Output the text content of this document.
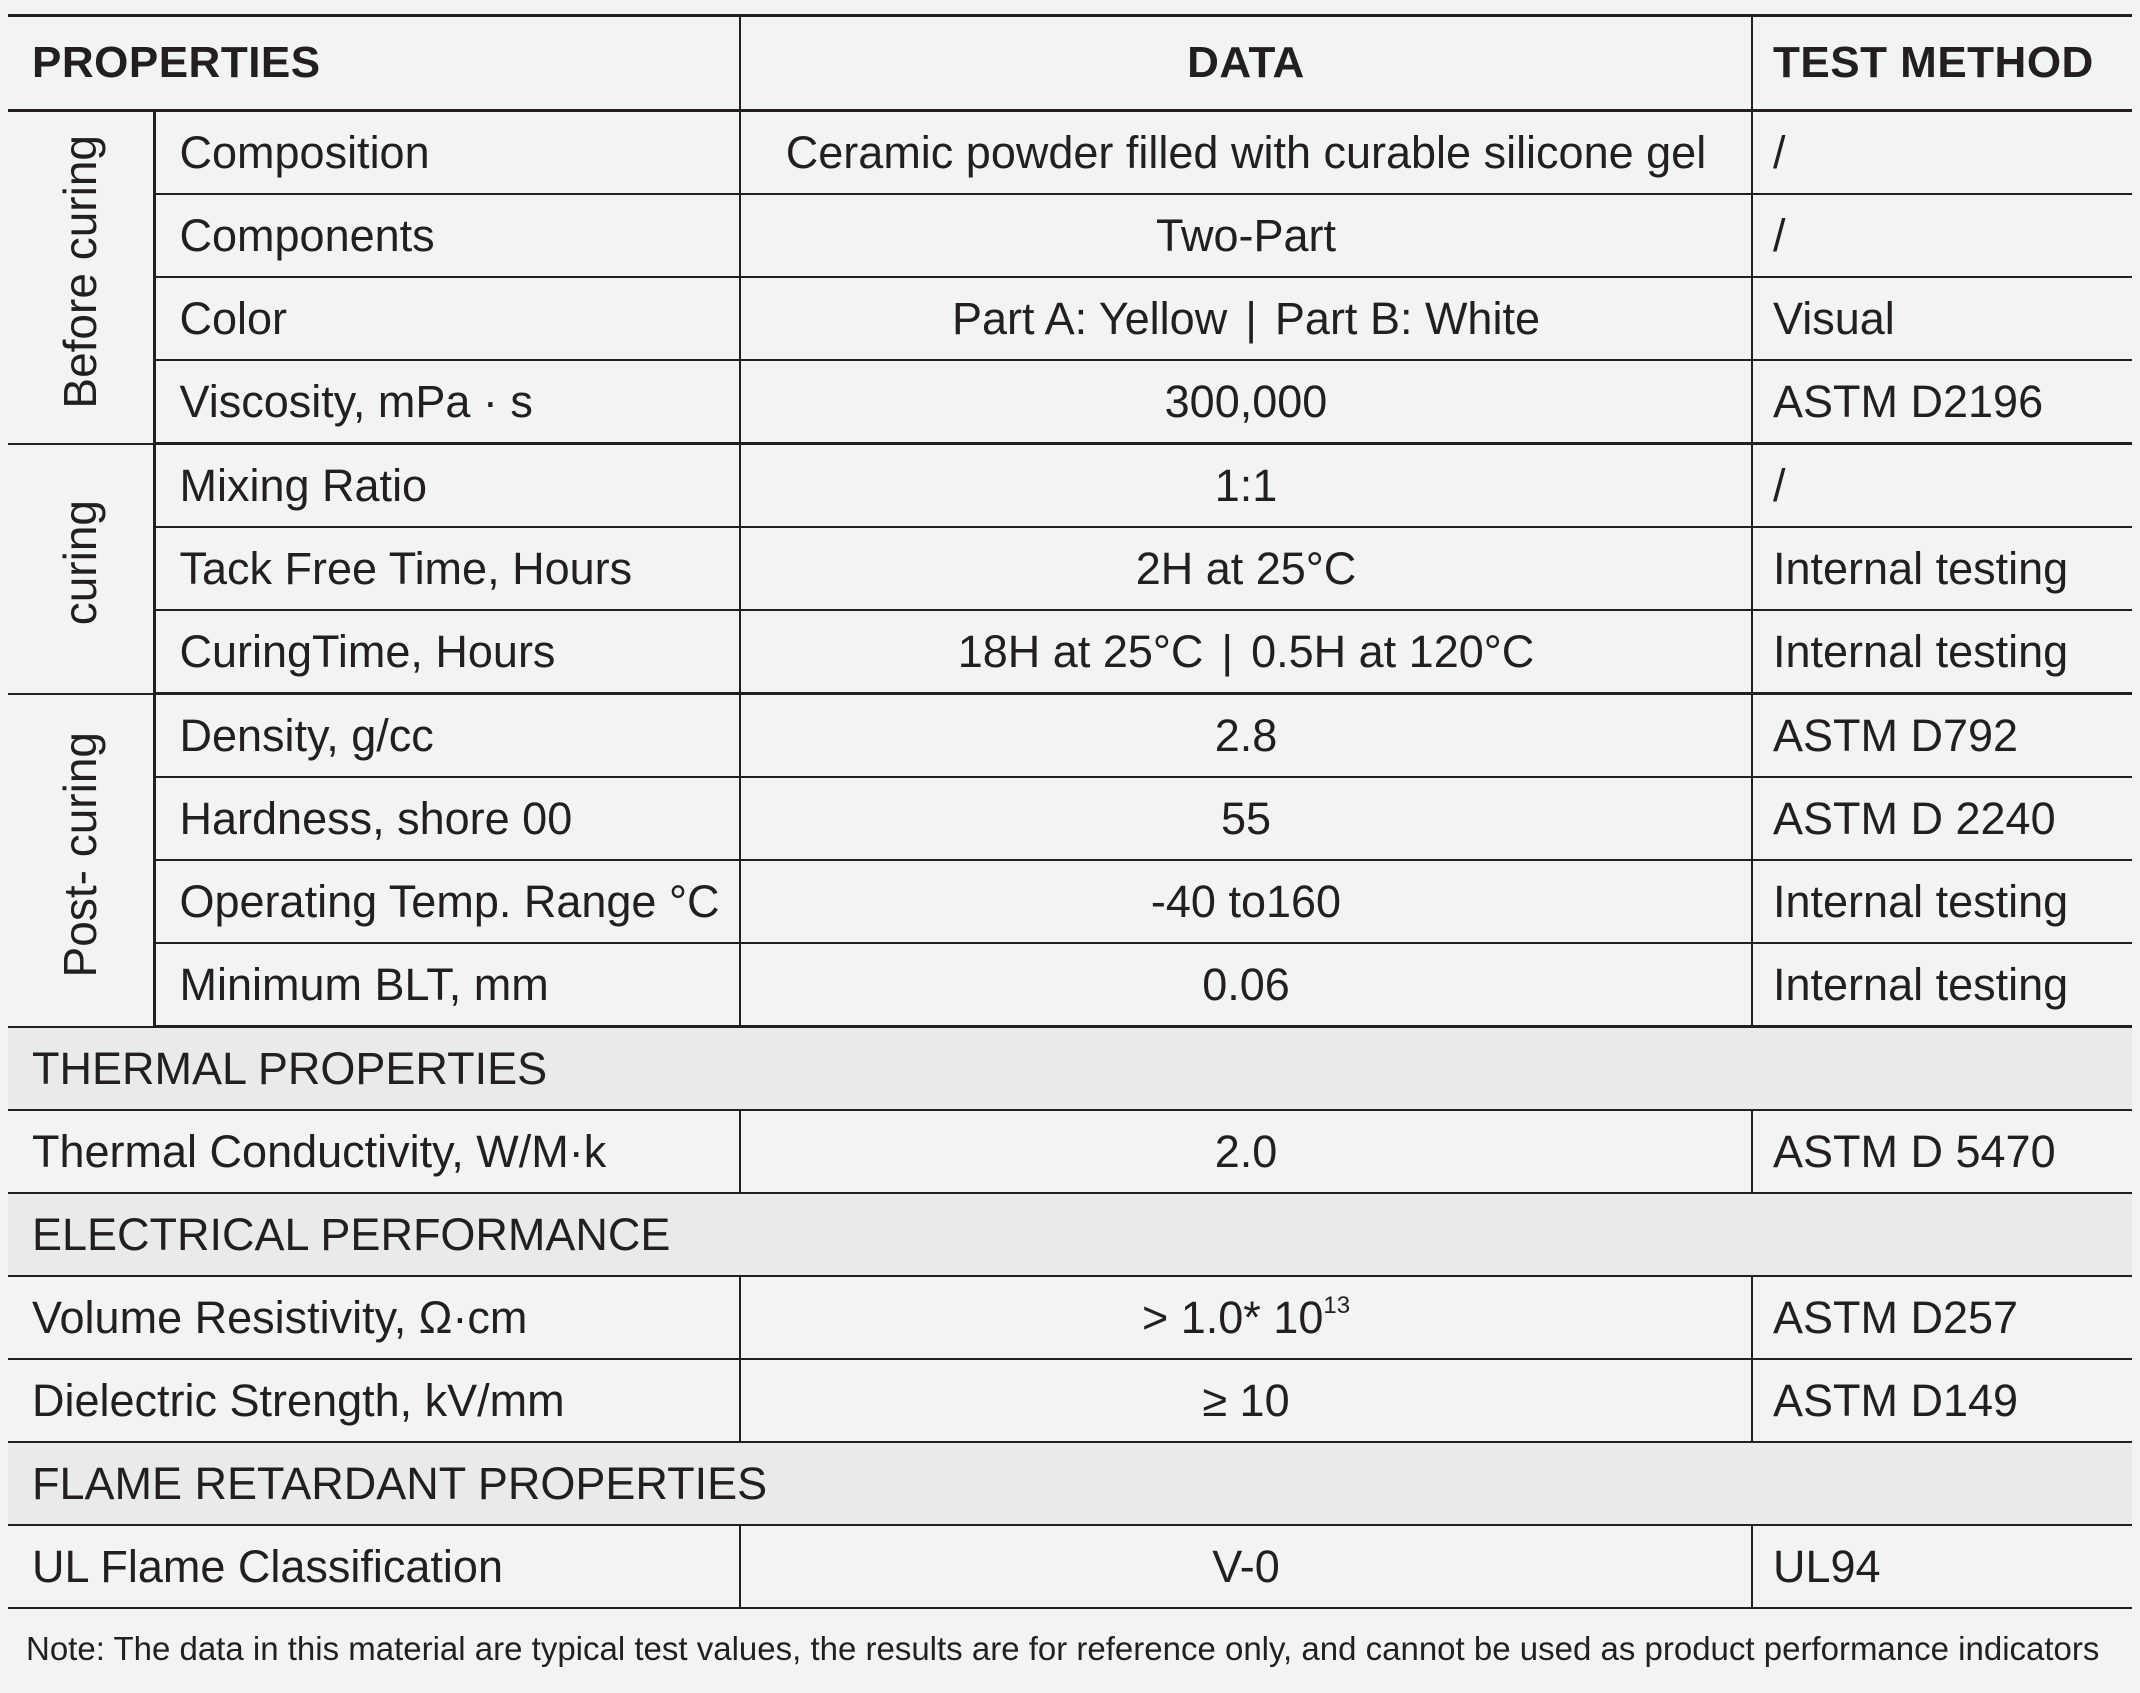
PROPERTIES		DATA	TEST METHOD
Before curing	Composition	Ceramic powder filled with curable silicone gel	/
	Components	Two-Part	/
	Color	Part A: Yellow | Part B: White	Visual
	Viscosity, mPa · s	300,000	ASTM D2196
curing	Mixing Ratio	1:1	/
	Tack Free Time, Hours	2H at 25°C	Internal testing
	CuringTime, Hours	18H at 25°C | 0.5H at 120°C	Internal testing
Post- curing	Density, g/cc	2.8	ASTM D792
	Hardness, shore 00	55	ASTM D 2240
	Operating Temp. Range °C	-40 to160	Internal testing
	Minimum BLT, mm	0.06	Internal testing
THERMAL PROPERTIES			
Thermal Conductivity, W/M·k		2.0	ASTM D 5470
ELECTRICAL PERFORMANCE			
Volume Resistivity, Ω·cm		> 1.0* $10^{13}$	ASTM D257
Dielectric Strength, kV/mm		≥ 10	ASTM D149
FLAME RETARDANT PROPERTIES			
UL Flame Classification		V-0	UL94
Note: The data in this material are typical test values, the results are for reference only, and cannot be used as product performance indicators
